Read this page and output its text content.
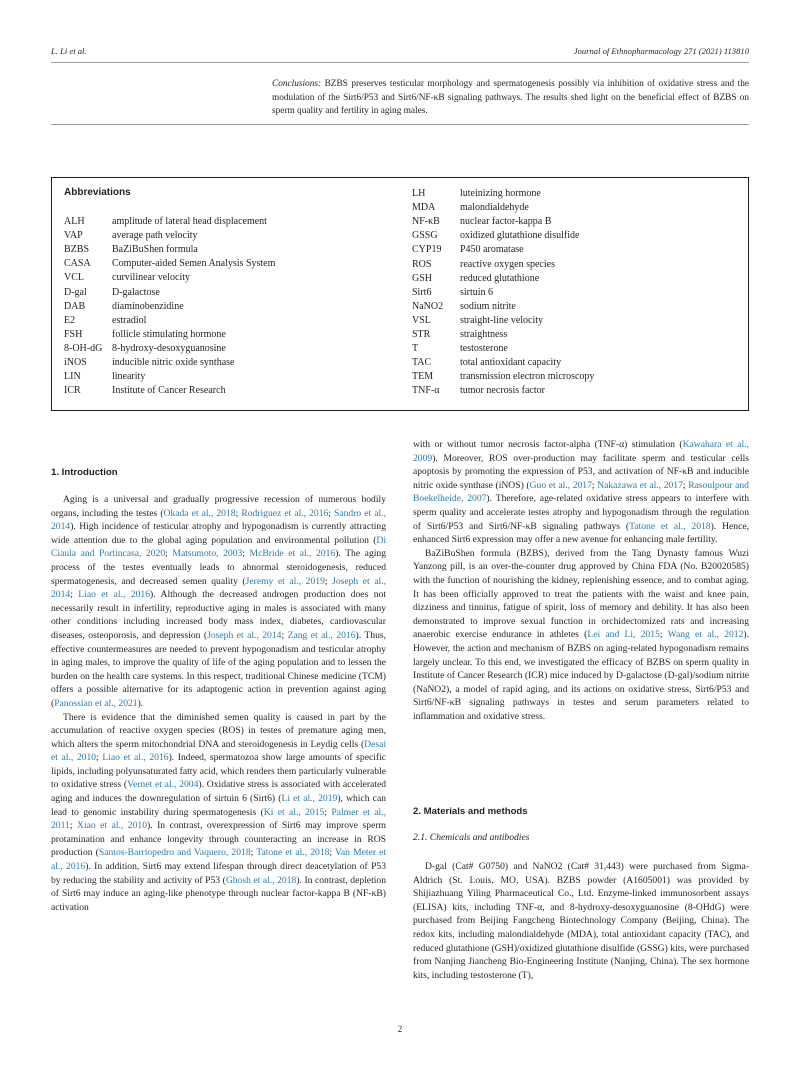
L. Li et al.	Journal of Ethnopharmacology 271 (2021) 113810
Conclusions: BZBS preserves testicular morphology and spermatogenesis possibly via inhibition of oxidative stress and the modulation of the Sirt6/P53 and Sirt6/NF-κB signaling pathways. The results shed light on the beneficial effect of BZBS on sperm quality and fertility in aging males.
Abbreviations
ALH	amplitude of lateral head displacement
VAP	average path velocity
BZBS BaZiBuShen formula
CASA Computer-aided Semen Analysis System
VCL	curvilinear velocity
D-gal	D-galactose
DAB	diaminobenzidine
E2	estradiol
FSH	follicle stimulating hormone
8-OH-dG 8-hydroxy-desoxyguanosine
iNOS	inducible nitric oxide synthase
LIN	linearity
ICR	Institute of Cancer Research
LH	luteinizing hormone
MDA malondialdehyde
NF-κB nuclear factor-kappa B
GSSG oxidized glutathione disulfide
CYP19 P450 aromatase
ROS	reactive oxygen species
GSH	reduced glutathione
Sirt6	sirtuin 6
NaNO2 sodium nitrite
VSL	straight-line velocity
STR	straightness
T	testosterone
TAC	total antioxidant capacity
TEM	transmission electron microscopy
TNF-α tumor necrosis factor
1. Introduction

Aging is a universal and gradually progressive recession of numerous bodily organs, including the testes (Okada et al., 2018; Rodriguez et al., 2016; Sandro et al., 2014). High incidence of testicular atrophy and hypogonadism is currently attracting wide attention due to the global aging population and environmental pollution (Di Ciaula and Portincasa, 2020; Matsumoto, 2003; McBride et al., 2016). The aging process of the testes eventually leads to abnormal steroidogenesis, reduced spermatogenesis, and decreased semen quality (Jeremy et al., 2019; Joseph et al., 2014; Liao et al., 2016). Although the decreased androgen production does not necessarily result in infertility, reproductive aging in males is associated with many other conditions including increased body mass index, diabetes, cardiovascular diseases, osteoporosis, and depression (Joseph et al., 2014; Zang et al., 2016). Thus, effective countermeasures are needed to prevent hypogonadism and testicular atrophy in aging males, to improve the quality of life of the aging population and to lessen the burden on the health care systems. In this respect, traditional Chinese medicine (TCM) offers a possible alternative for its adaptogenic action in prevention against aging (Panossian et al., 2021).

There is evidence that the diminished semen quality is caused in part by the accumulation of reactive oxygen species (ROS) in testes of premature aging men, which alters the sperm mitochondrial DNA and steroidogenesis in Leydig cells (Desai et al., 2010; Liao et al., 2016). Indeed, spermatozoa show large amounts of specific lipids, including polyunsaturated fatty acid, which renders them particularly vulnerable to oxidative stress (Vernet et al., 2004). Oxidative stress is associated with accelerated aging and induces the downregulation of sirtuin 6 (Sirt6) (Li et al., 2019), which can lead to genomic instability during spermatogenesis (Ki et al., 2015; Palmer et al., 2011; Xiao et al., 2010). In contrast, overexpression of Sirt6 may improve sperm protamination and enhance longevity through counteracting an increase in ROS production (Santos-Barriopedro and Vaquero, 2018; Tatone et al., 2018; Van Meter et al., 2016). In addition, Sirt6 may extend lifespan through direct deacetylation of P53 by reducing the stability and activity of P53 (Ghosh et al., 2018). In contrast, depletion of Sirt6 may induce an aging-like phenotype through nuclear factor-kappa B (NF-κB) activation

with or without tumor necrosis factor-alpha (TNF-α) stimulation (Kawahara et al., 2009). Moreover, ROS over-production may facilitate sperm and testicular cells apoptosis by promoting the expression of P53, and activation of NF-κB and inducible nitric oxide synthase (iNOS) (Guo et al., 2017; Nakazawa et al., 2017; Rasoulpour and Boekelheide, 2007). Therefore, age-related oxidative stress appears to interfere with sperm quality and accelerate testes atrophy and hypogonadism through the regulation of Sirt6/P53 and Sirt6/NF-κB signaling pathways (Tatone et al., 2018). Hence, enhanced Sirt6 expression may offer a new avenue for enhancing male fertility.

BaZiBuShen formula (BZBS), derived from the Tang Dynasty famous Wuzi Yanzong pill, is an over-the-counter drug approved by China FDA (No. B20020585) with the function of nourishing the kidney, replenishing essence, and to combat aging. It has been officially approved to treat the patients with the waist and knee pain, dizziness and tinnitus, fatigue of spirit, loss of memory and debility. It has also been demonstrated to improve sexual function in orchidectomized rats and increasing anaerobic exercise endurance in athletes (Lei and Li, 2015; Wang et al., 2012). However, the action and mechanism of BZBS on aging-related hypogonadism remains largely unclear. To this end, we investigated the efficacy of BZBS on sperm quality in Institute of Cancer Research (ICR) mice induced by D-galactose (D-gal)/sodium nitrite (NaNO2), a model of rapid aging, and its actions on oxidative stress, Sirt6/P53 and Sirt6/NF-κB signaling pathways in testes and serum parameters related to inflammation and oxidative stress.

2. Materials and methods
2.1. Chemicals and antibodies

D-gal (Cat# G0750) and NaNO2 (Cat# 31,443) were purchased from Sigma-Aldrich (St. Louis, MO, USA). BZBS powder (A1605001) was provided by Shijiazhuang Yiling Pharmaceutical Co., Ltd. Enzyme-linked immunosorbent assays (ELISA) kits, including TNF-α, and 8-hydroxy-desoxyguanosine (8-OHdG) were purchased from Beijing Fangcheng Biotechnology Company (Beijing, China). The redox kits, including malondialdehyde (MDA), total antioxidant capacity (TAC), and reduced glutathione (GSH)/oxidized glutathione disulfide (GSSG) kits, were purchased from Nanjing Jiancheng Bio-Engineering Institute (Nanjing, China). The sex hormone kits, including testosterone (T),

2
